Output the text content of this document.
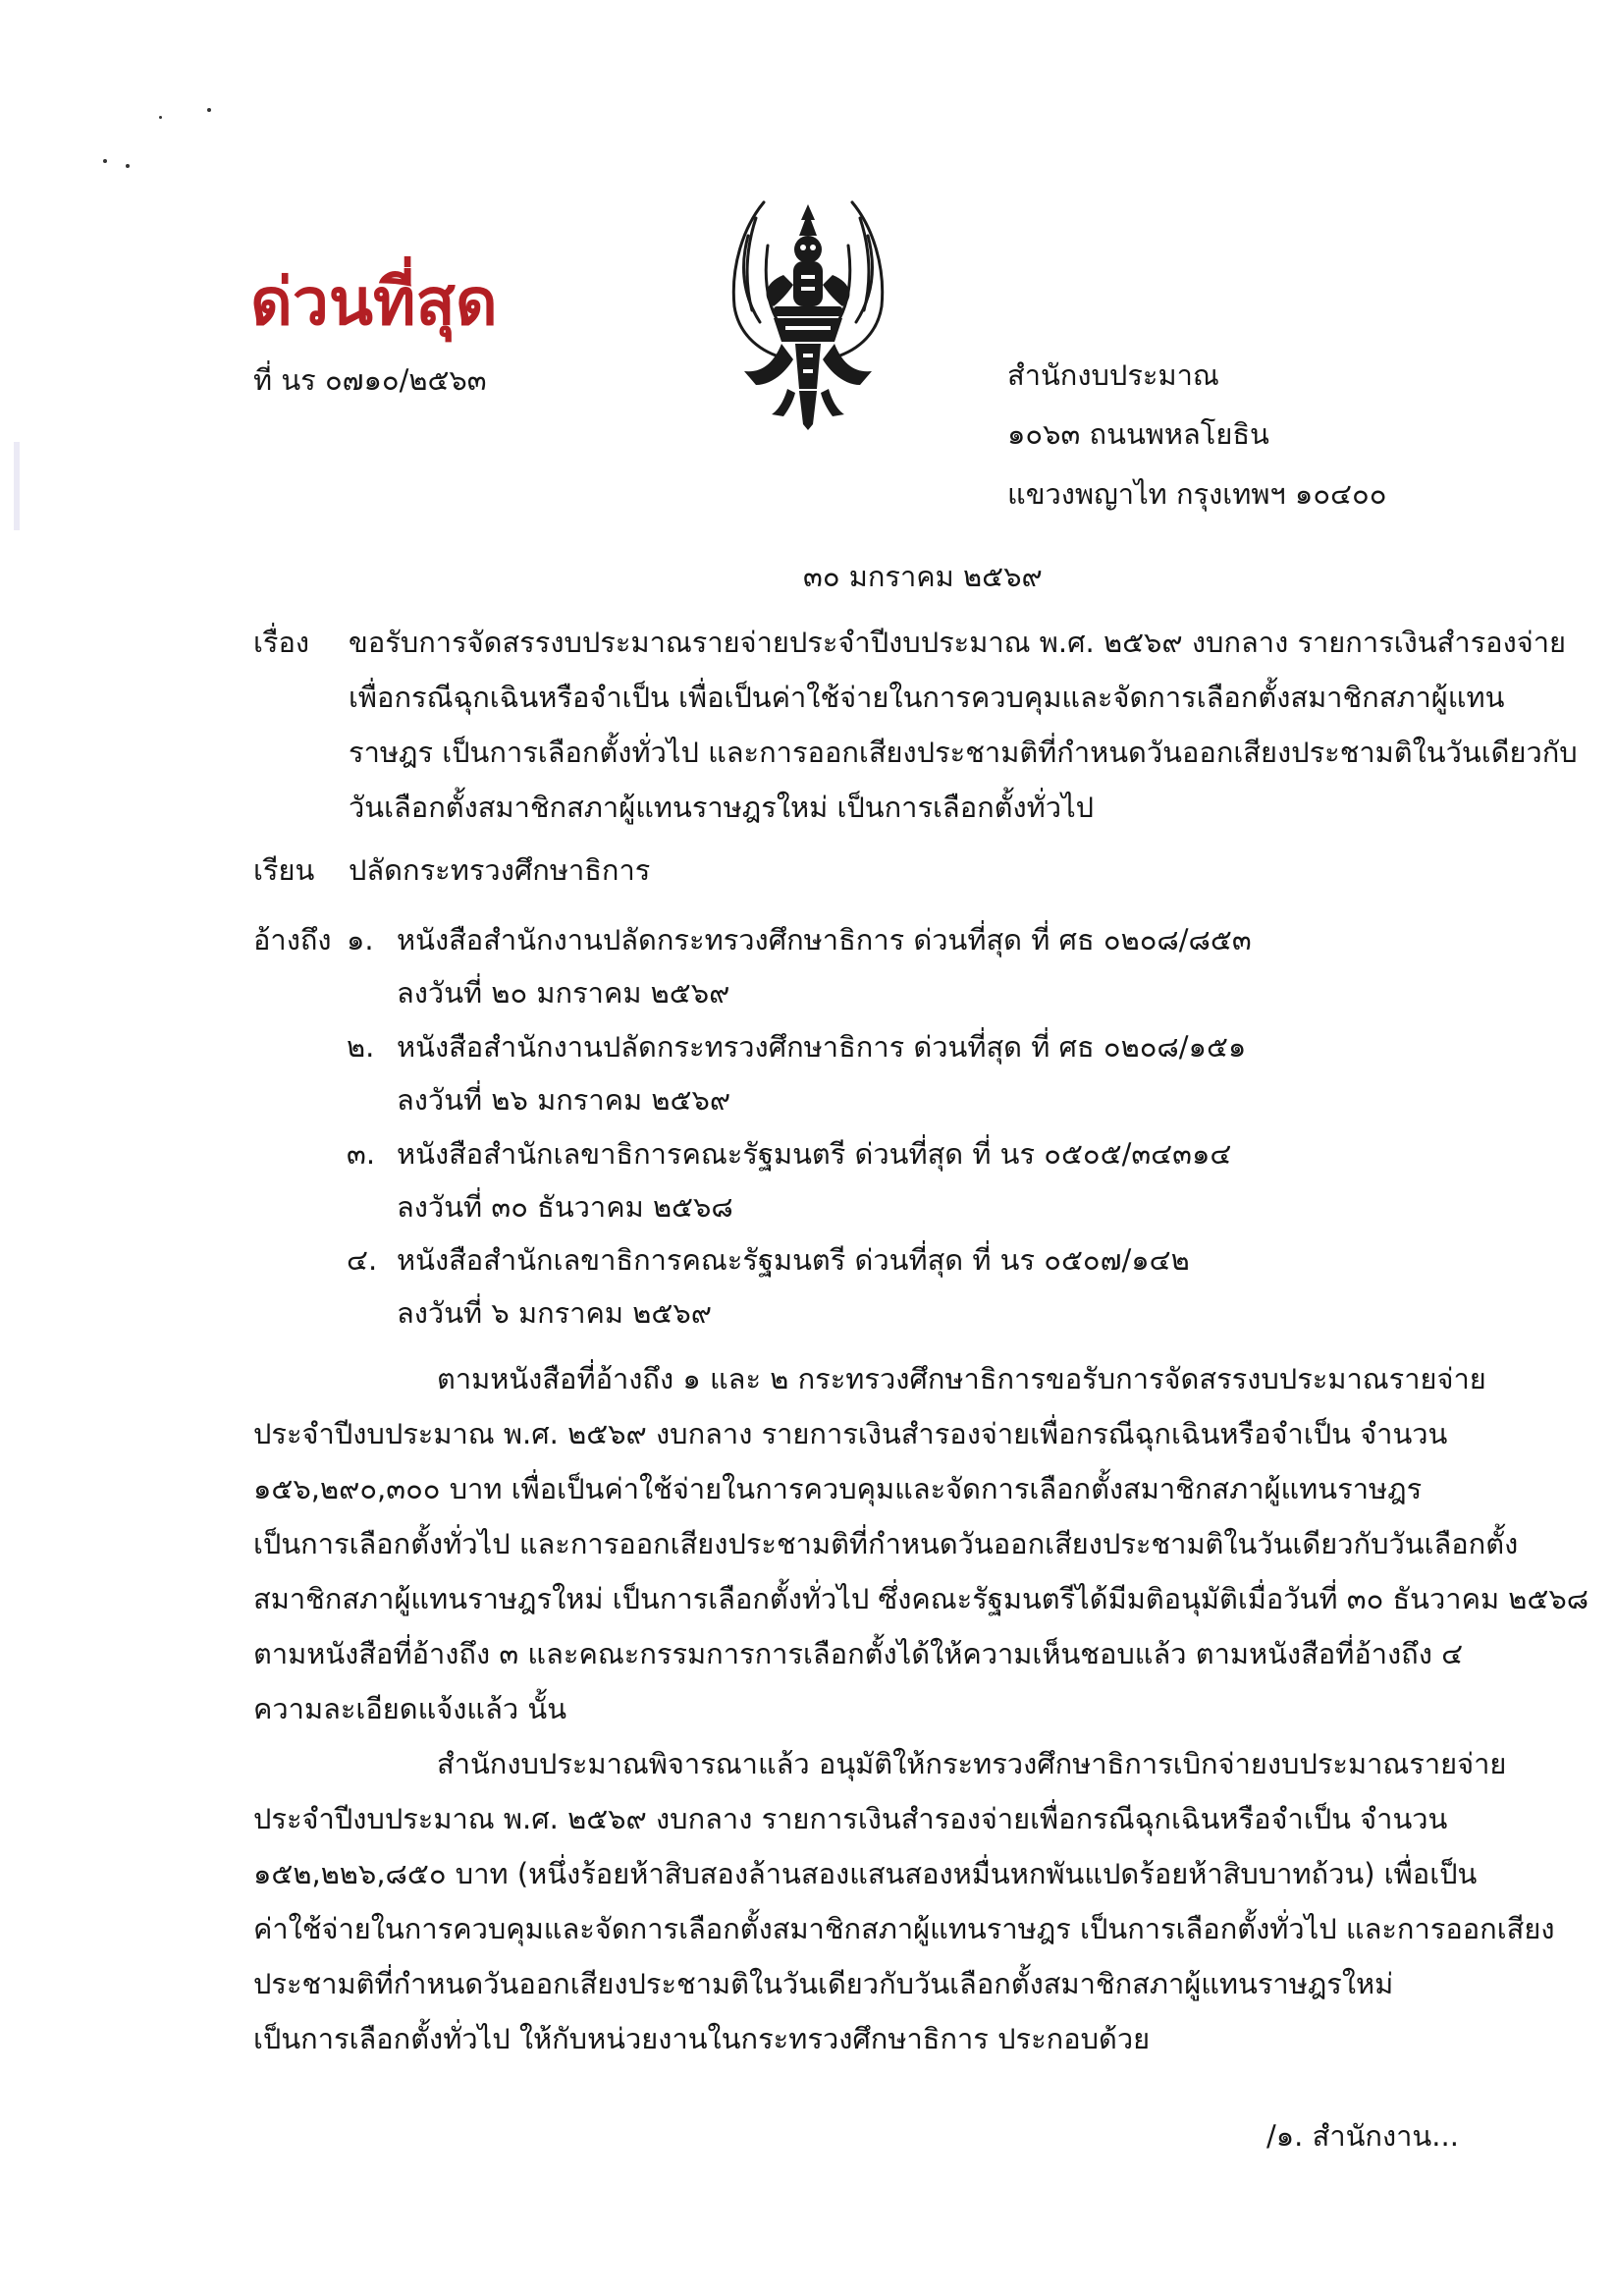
ด่วนที่สุด
ที่ นร ๐๗๑๐/๒๕๖๓	สำนักงบประมาณ
๑๐๖๓ ถนนพหลโยธิน
แขวงพญาไท กรุงเทพฯ ๑๐๔๐๐
๓๐ มกราคม ๒๕๖๙
เรื่อง ขอรับการจัดสรรงบประมาณรายจ่ายประจำปีงบประมาณ พ.ศ. ๒๕๖๙ งบกลาง รายการเงินสำรองจ่าย
เพื่อกรณีฉุกเฉินหรือจำเป็น เพื่อเป็นค่าใช้จ่ายในการควบคุมและจัดการเลือกตั้งสมาชิกสภาผู้แทน
ราษฎร เป็นการเลือกตั้งทั่วไป และการออกเสียงประชามติที่กำหนดวันออกเสียงประชามติในวันเดียวกับ
วันเลือกตั้งสมาชิกสภาผู้แทนราษฎรใหม่ เป็นการเลือกตั้งทั่วไป
เรียน ปลัดกระทรวงศึกษาธิการ
อ้างถึง ๑. หนังสือสำนักงานปลัดกระทรวงศึกษาธิการ ด่วนที่สุด ที่ ศธ ๐๒๐๘/๘๕๓
ลงวันที่ ๒๐ มกราคม ๒๕๖๙
๒. หนังสือสำนักงานปลัดกระทรวงศึกษาธิการ ด่วนที่สุด ที่ ศธ ๐๒๐๘/๑๕๑
ลงวันที่ ๒๖ มกราคม ๒๕๖๙
๓. หนังสือสำนักเลขาธิการคณะรัฐมนตรี ด่วนที่สุด ที่ นร ๐๕๐๕/๓๔๓๑๔
ลงวันที่ ๓๐ ธันวาคม ๒๕๖๘
๔. หนังสือสำนักเลขาธิการคณะรัฐมนตรี ด่วนที่สุด ที่ นร ๐๕๐๗/๑๔๒
ลงวันที่ ๖ มกราคม ๒๕๖๙
ตามหนังสือที่อ้างถึง ๑ และ ๒ กระทรวงศึกษาธิการขอรับการจัดสรรงบประมาณรายจ่าย
ประจำปีงบประมาณ พ.ศ. ๒๕๖๙ งบกลาง รายการเงินสำรองจ่ายเพื่อกรณีฉุกเฉินหรือจำเป็น จำนวน
๑๕๖,๒๙๐,๓๐๐ บาท เพื่อเป็นค่าใช้จ่ายในการควบคุมและจัดการเลือกตั้งสมาชิกสภาผู้แทนราษฎร
เป็นการเลือกตั้งทั่วไป และการออกเสียงประชามติที่กำหนดวันออกเสียงประชามติในวันเดียวกับวันเลือกตั้ง
สมาชิกสภาผู้แทนราษฎรใหม่ เป็นการเลือกตั้งทั่วไป ซึ่งคณะรัฐมนตรีได้มีมติอนุมัติเมื่อวันที่ ๓๐ ธันวาคม ๒๕๖๘
ตามหนังสือที่อ้างถึง ๓ และคณะกรรมการการเลือกตั้งได้ให้ความเห็นชอบแล้ว ตามหนังสือที่อ้างถึง ๔
ความละเอียดแจ้งแล้ว นั้น
สำนักงบประมาณพิจารณาแล้ว อนุมัติให้กระทรวงศึกษาธิการเบิกจ่ายงบประมาณรายจ่าย
ประจำปีงบประมาณ พ.ศ. ๒๕๖๙ งบกลาง รายการเงินสำรองจ่ายเพื่อกรณีฉุกเฉินหรือจำเป็น จำนวน
๑๕๒,๒๒๖,๘๕๐ บาท (หนึ่งร้อยห้าสิบสองล้านสองแสนสองหมื่นหกพันแปดร้อยห้าสิบบาทถ้วน) เพื่อเป็น
ค่าใช้จ่ายในการควบคุมและจัดการเลือกตั้งสมาชิกสภาผู้แทนราษฎร เป็นการเลือกตั้งทั่วไป และการออกเสียง
ประชามติที่กำหนดวันออกเสียงประชามติในวันเดียวกับวันเลือกตั้งสมาชิกสภาผู้แทนราษฎรใหม่
เป็นการเลือกตั้งทั่วไป ให้กับหน่วยงานในกระทรวงศึกษาธิการ ประกอบด้วย
/๑. สำนักงาน...
